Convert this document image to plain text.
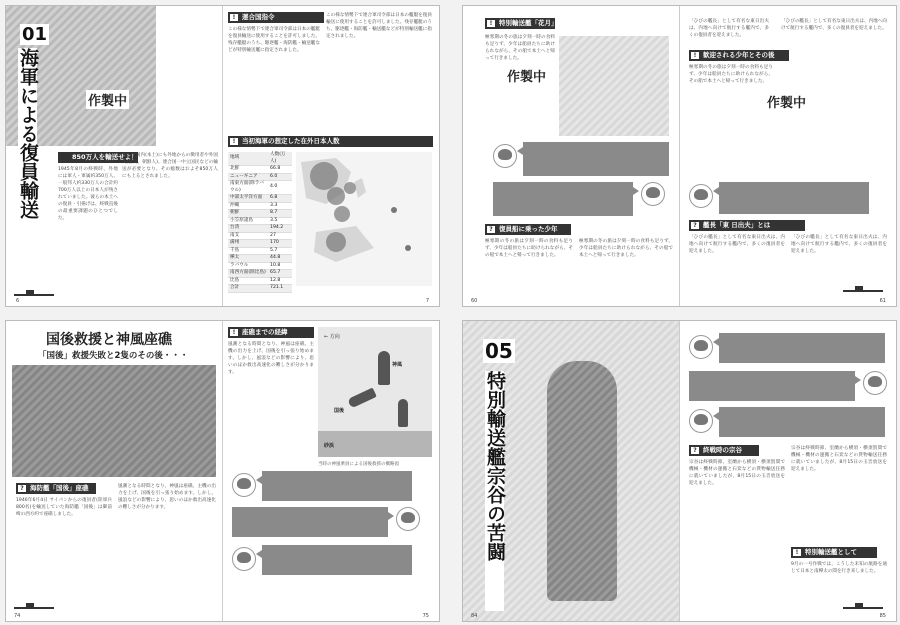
01
海軍による復員輸送	作製中
850万人を輸送せよ！
1945年8月の終戦時、外地には軍人・軍属約350万人、一般邦人約330万人の合計約700万人以上の日本人が残されていました。彼らの本土への復員・引揚げは、終戦直後の最重要課題のひとつでした。
さらに国内(本土)にも外地からの徴用者や外国人(台湾、朝鮮人)、連合国一中立国民などの輸送が必要となり、その総数はおよそ850万人にも上るとされました。
!	運合国指令
この様な情勢下で連合軍司令部は日本の艦艇を復員輸送に使用することを許可しました。残存艦艇のうち、駆逐艦・海防艦・輸送艦などが特別輸送艦に指定されました。
この様な情勢下で連合軍司令部は日本の艦艇を復員輸送に使用することを許可しました。残存艦艇のうち、駆逐艦・海防艦・輸送艦などが特別輸送艦に指定されました。
!	当初海軍の想定した在外日本人数
地域	人数(万人)
北鮮	66.8
ニューギニア	6.0
南東方面(除ラバウル)	4.0
中部太平洋方面	6.8
沖縄	3.3
朝鮮	8.7
小笠原諸島	3.5
台湾	194.2
南支	27
満州	170
千島	5.7
樺太	44.8
ラバウル	10.8
南西方面(除比島)	65.7
比島	12.8
合計	721.1
6	7
!	特別輸送艦「花月」
極寒期の冬の旅は夕刻一時の食料も足りず、少年は船員たちに助けられながら、その船で本土へと帰って行きました。
作製中
? 復員船に乗った少年
極寒期の冬の旅は夕刻一時の食料も足りず、少年は船員たちに助けられながら、その船で本土へと帰って行きました。
極寒期の冬の旅は夕刻一時の食料も足りず、少年は船員たちに助けられながら、その船で本土へと帰って行きました。
「ひびの艦長」として有名な東日出夫は、内地へ向けて航行する艦内で、多くの復員者を迎えました。
!	歓迎される少年とその後
極寒期の冬の旅は夕刻一時の食料も足りず、少年は船員たちに助けられながら、その船で本土へと帰って行きました。
「ひびの艦長」として有名な東日出夫は、内地へ向けて航行する艦内で、多くの復員者を迎えました。
作製中
? 艦長「東 日出夫」とは
「ひびの艦長」として有名な東日出夫は、内地へ向けて航行する艦内で、多くの復員者を迎えました。
「ひびの艦長」として有名な東日出夫は、内地へ向けて航行する艦内で、多くの復員者を迎えました。
60	61
国後救援と神風座礁
「国後」救援失敗と2隻のその後・・・
? 海防艦「国後」座礁
1946年6月4日 サイパンからの復員者(陸軍兵800名)を輸送していた海防艦「国後」は御前崎の西方約で座礁しました。
風潮となる時間となり、神風は座礁、主機の出力を上げ、国後を引っ張り始めます。しかし、風浪などの影響により、思いのほか救出高速化の難しさが分かります。
!	座礁までの経緯
風潮となる時間となり、神風は座礁、主機の出力を上げ、国後を引っ張り始めます。しかし、風浪などの影響により、思いのほか救出高速化の難しさが分かります。
砂浜
← 方向
神風
国後
当時の神風乗員による国後救援の概略図
74	75
05
特別輸送艦宗谷の苦闘	? 終戦時の宗谷
宗谷は終戦時節、室蘭から横須・横須賀間で機械・機材の運搬と石炭などの貨物輸送任務に就いていましたが、8月15日の玉音放送を迎えました。
宗谷は終戦時節、室蘭から横須・横須賀間で機械・機材の運搬と石炭などの貨物輸送任務に就いていましたが、8月15日の玉音放送を迎えました。
!	特別輸送艦として
9月の一号作戦では、こうした未知の航路を通じて日本と南樺太の間を行き来しました。
84	85
